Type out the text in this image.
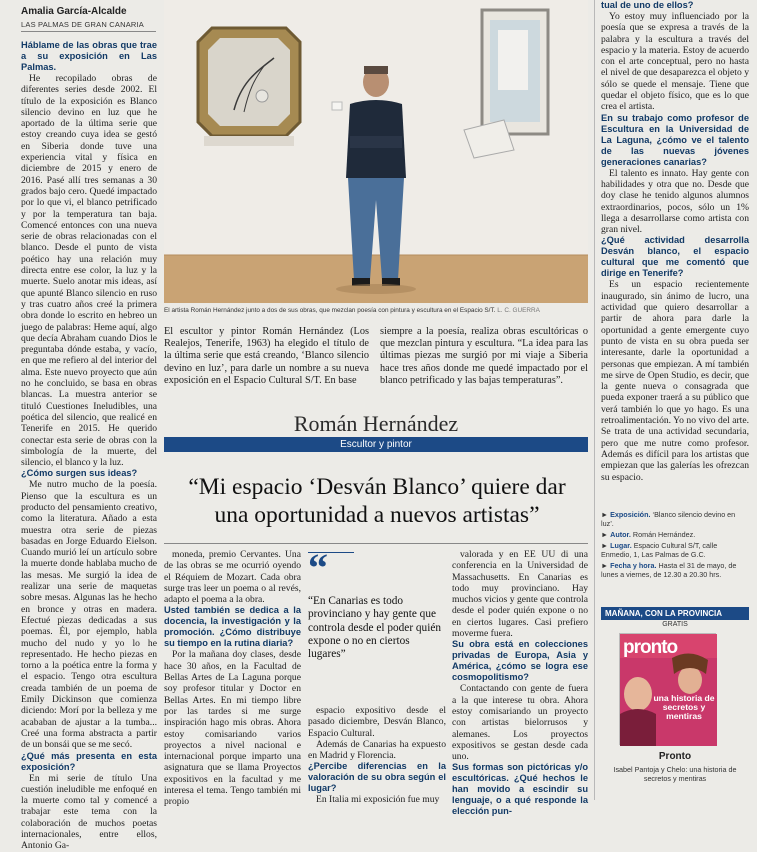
Amalia García-Alcalde
LAS PALMAS DE GRAN CANARIA

Háblame de las obras que trae a su exposición en Las Palmas.

He recopilado obras de diferentes series desde 2002. El título de la exposición es Blanco silencio devino en luz que he aportado de la última serie que estoy creando cuya idea se gestó en Siberia donde tuve una experiencia vital y física en diciembre de 2015 y enero de 2016. Pasé allí tres semanas a 30 grados bajo cero. Quedé impactado por lo que vi, el blanco petrificado y por la temperatura tan baja. Comencé entonces con una nueva serie de obras relacionadas con el blanco. Desde el punto de vista poético hay una relación muy directa entre ese color, la luz y la muerte. Suelo anotar mis ideas, así que apunté Blanco silencio en ruso y tras cuatro años creé la primera obra donde lo escrito en hebreo un juego de palabras: Heme aquí, algo que decía Abraham cuando Dios le preguntaba dónde estaba, y vacío, en que me refiero al del interior del alma. Este nuevo proyecto que aún no he concluido, se basa en obras blancas. La muestra anterior se tituló Cuestiones Ineludibles, una poética del silencio, que realicé en Tenerife en 2015. He querido conectar esta serie de obras con la simbología de la muerte, del silencio, el blanco y la luz.

¿Cómo surgen sus ideas?

Me nutro mucho de la poesía. Pienso que la escultura es un producto del pensamiento creativo, como la literatura. Añado a esta muestra otra serie de piezas basadas en Jorge Eduardo Eielson. Cuando murió leí un artículo sobre la muerte donde hablaba mucho de las mesas. Me surgió la idea de realizar una serie de maquetas sobre mesas. Algunas las he hecho en bronce y otras en madera. Efectué piezas dedicadas a sus poemas. Él, por ejemplo, habla mucho del nudo y yo lo he representado. He hecho piezas en torno a la poética entre la forma y el espacio. Tengo otra escultura creada también de un poema de Emily Dickinson que comienza diciendo: Morí por la belleza y me acababan de ajustar a la tumba... Creé una forma abstracta a partir de un bonsái que se me secó.

¿Qué más presenta en esta exposición?

En mi serie de título Una cuestión ineludible me enfoqué en la muerte como tal y comencé a trabajar este tema con la colaboración de muchos poetas internacionales, entre ellos, Antonio Ga-

El artista Román Hernández junto a dos de sus obras, que mezclan poesía con pintura y escultura en el Espacio S/T. L. C. GUERRA

El escultor y pintor Román Hernández (Los Realejos, Tenerife, 1963) ha elegido el título de la última serie que está creando, ‘Blanco silencio devino en luz’, para darle un nombre a su nueva exposición en el Espacio Cultural S/T. En base

siempre a la poesía, realiza obras escultóricas o que mezclan pintura y escultura. “La idea para las últimas piezas me surgió por mi viaje a Siberia hace tres años donde me quedé impactado por el blanco petrificado y las bajas temperaturas”.

Román Hernández
Escultor y pintor
“Mi espacio ‘Desván Blanco’ quiere dar una oportunidad a nuevos artistas”

moneda, premio Cervantes. Una de las obras se me ocurrió oyendo el Réquiem de Mozart. Cada obra surge tras leer un poema o al revés, adapto el poema a la obra.

Usted también se dedica a la docencia, la investigación y la promoción. ¿Cómo distribuye su tiempo en la rutina diaria?

Por la mañana doy clases, desde hace 30 años, en la Facultad de Bellas Artes de La Laguna porque soy profesor titular y Doctor en Bellas Artes. En mi tiempo libre por las tardes si me surge inspiración hago mis obras. Ahora estoy comisariando varios proyectos a nivel nacional e internacional porque imparto una asignatura que se llama Proyectos expositivos en la facultad y me interesa el tema. Tengo también mi propio

“
“En Canarias es todo provinciano y hay gente que controla desde el poder quién expone o no en ciertos lugares”

espacio expositivo desde el pasado diciembre, Desván Blanco, Espacio Cultural.

Además de Canarias ha expuesto en Madrid y Florencia.

¿Percibe diferencias en la valoración de su obra según el lugar?

En Italia mi exposición fue muy

valorada y en EE UU di una conferencia en la Universidad de Massachusetts. En Canarias es todo muy provinciano. Hay muchos vicios y gente que controla desde el poder quién expone o no en ciertos lugares. Casi prefiero moverme fuera.

Su obra está en colecciones privadas de Europa, Asia y América, ¿cómo se logra ese cosmopolitismo?

Contactando con gente de fuera a la que interese tu obra. Ahora estoy comisariando un proyecto con artistas bielorrusos y alemanes. Los proyectos expositivos se gestan desde cada uno.

Sus formas son pictóricas y/o escultóricas. ¿Qué hechos le han movido a escindir su lenguaje, o a qué responde la elección pun-

tual de uno de ellos?

Yo estoy muy influenciado por la poesía que se expresa a través de la palabra y la escultura a través del espacio y la materia. Estoy de acuerdo con el arte conceptual, pero no hasta el nivel de que desaparezca el objeto y sólo se quede el mensaje. Tiene que quedar el objeto físico, que es lo que crea el artista.

En su trabajo como profesor de Escultura en la Universidad de La Laguna, ¿cómo ve el talento de las nuevas jóvenes generaciones canarias?

El talento es innato. Hay gente con habilidades y otra que no. Desde que doy clase he tenido algunos alumnos extraordinarios, pocos, sólo un 1% llega a desarrollarse como artista con gran nivel.

¿Qué actividad desarrolla Desván blanco, el espacio cultural que me comentó que dirige en Tenerife?

Es un espacio recientemente inaugurado, sin ánimo de lucro, una actividad que quiero desarrollar a partir de ahora para darle la oportunidad a gente emergente cuyo punto de vista en su obra pueda ser interesante, darle la oportunidad a personas que empiezan. A mí también me sirve de Open Studio, es decir, que la gente nueva o consagrada que pueda exponer traerá a su público que verá también lo que yo hago. Es una retroalimentación. Yo no vivo del arte. Se trata de una actividad secundaria, pero que me nutre como profesor. Además es difícil para los artistas que empiezan que las galerías les ofrezcan su espacio.

► Exposición. ‘Blanco silencio devino en luz’.
► Autor. Román Hernández.
► Lugar. Espacio Cultural S/T, calle Enmedio, 1, Las Palmas de G.C.
► Fecha y hora. Hasta el 31 de mayo, de lunes a viernes, de 12.30 a 20.30 hrs.
MAÑANA, CON LA PROVINCIA
GRATIS
pronto
una historia de secretos y mentiras
Pronto
Isabel Pantoja y Chelo: una historia de secretos y mentiras
